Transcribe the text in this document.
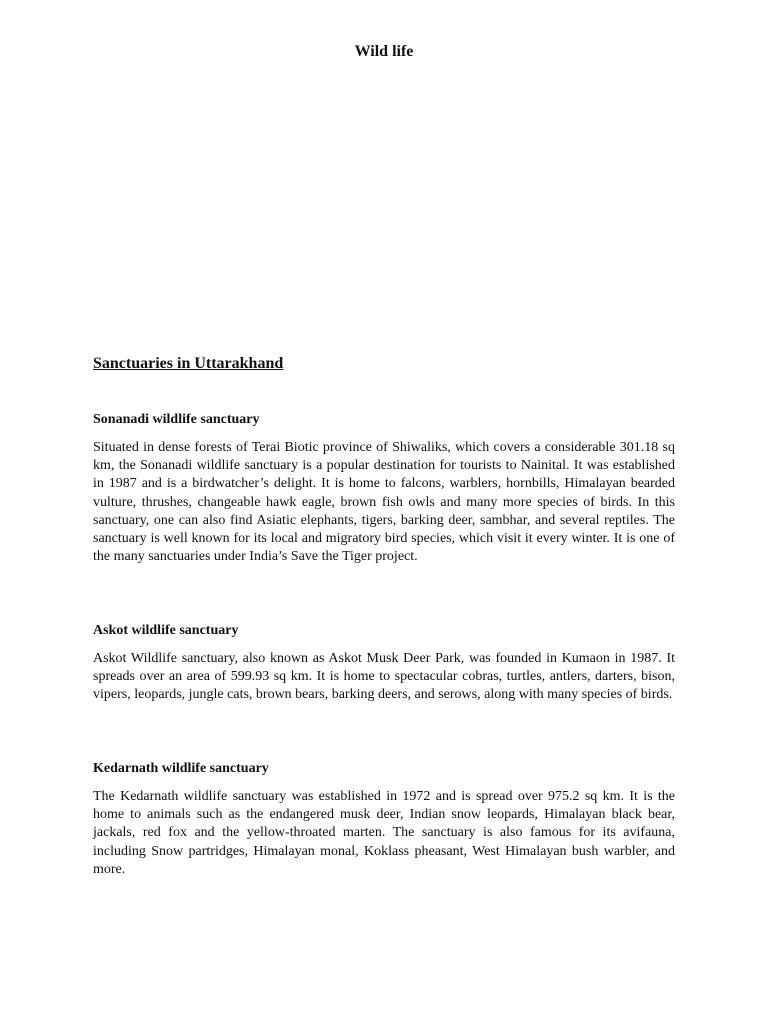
Wild life
Sanctuaries in Uttarakhand
Sonanadi wildlife sanctuary

Situated in dense forests of Terai Biotic province of Shiwaliks, which covers a considerable 301.18 sq km, the Sonanadi wildlife sanctuary is a popular destination for tourists to Nainital. It was established in 1987 and is a birdwatcher’s delight. It is home to falcons, warblers, hornbills, Himalayan bearded vulture, thrushes, changeable hawk eagle, brown fish owls and many more species of birds. In this sanctuary, one can also find Asiatic elephants, tigers, barking deer, sambhar, and several reptiles. The sanctuary is well known for its local and migratory bird species, which visit it every winter. It is one of the many sanctuaries under India’s Save the Tiger project.

Askot wildlife sanctuary

Askot Wildlife sanctuary, also known as Askot Musk Deer Park, was founded in Kumaon in 1987. It spreads over an area of 599.93 sq km. It is home to spectacular cobras, turtles, antlers, darters, bison, vipers, leopards, jungle cats, brown bears, barking deers, and serows, along with many species of birds.

Kedarnath wildlife sanctuary

The Kedarnath wildlife sanctuary was established in 1972 and is spread over 975.2 sq km. It is the home to animals such as the endangered musk deer, Indian snow leopards, Himalayan black bear, jackals, red fox and the yellow-throated marten. The sanctuary is also famous for its avifauna, including Snow partridges, Himalayan monal, Koklass pheasant, West Himalayan bush warbler, and more.
